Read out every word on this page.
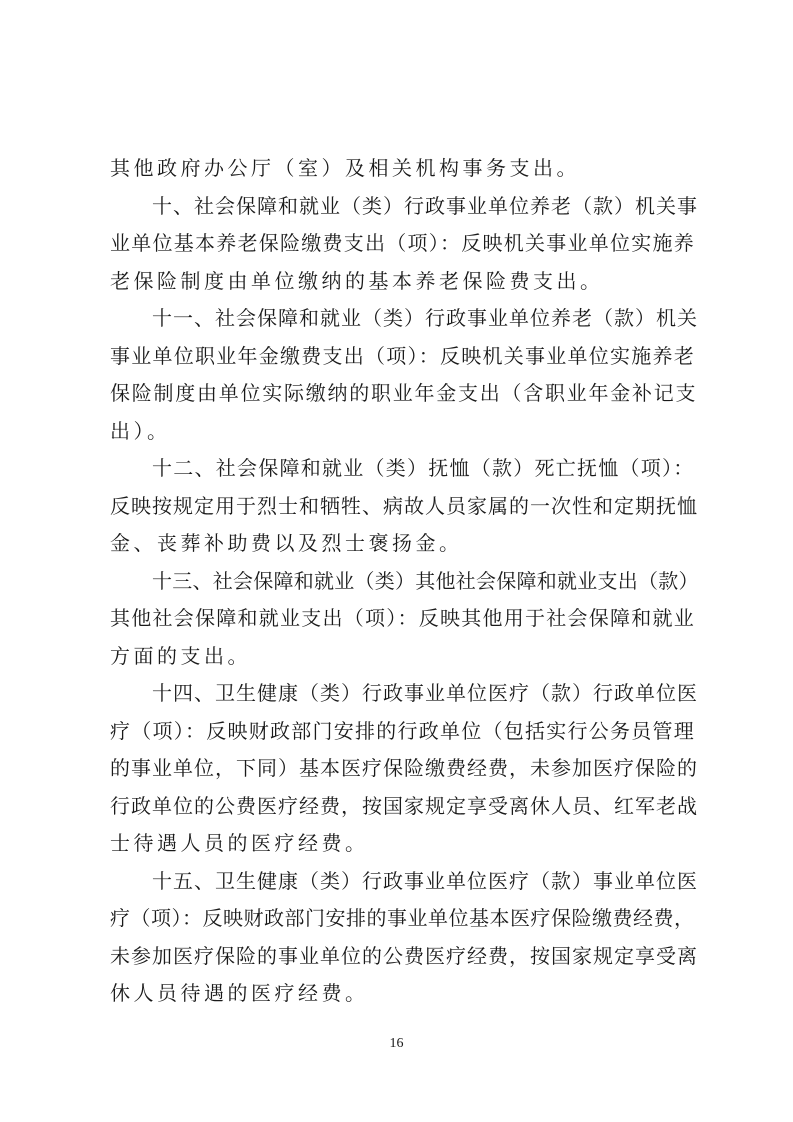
其他政府办公厅（室）及相关机构事务支出。
十、社会保障和就业（类）行政事业单位养老（款）机关事
业单位基本养老保险缴费支出（项）：反映机关事业单位实施养
老保险制度由单位缴纳的基本养老保险费支出。
十一、社会保障和就业（类）行政事业单位养老（款）机关
事业单位职业年金缴费支出（项）：反映机关事业单位实施养老
保险制度由单位实际缴纳的职业年金支出（含职业年金补记支
出）。
十二、社会保障和就业（类）抚恤（款）死亡抚恤（项）：
反映按规定用于烈士和牺牲、病故人员家属的一次性和定期抚恤
金、丧葬补助费以及烈士褒扬金。
十三、社会保障和就业（类）其他社会保障和就业支出（款）
其他社会保障和就业支出（项）：反映其他用于社会保障和就业
方面的支出。
十四、卫生健康（类）行政事业单位医疗（款）行政单位医
疗（项）：反映财政部门安排的行政单位（包括实行公务员管理
的事业单位，下同）基本医疗保险缴费经费，未参加医疗保险的
行政单位的公费医疗经费，按国家规定享受离休人员、红军老战
士待遇人员的医疗经费。
十五、卫生健康（类）行政事业单位医疗（款）事业单位医
疗（项）：反映财政部门安排的事业单位基本医疗保险缴费经费，
未参加医疗保险的事业单位的公费医疗经费，按国家规定享受离
休人员待遇的医疗经费。
16
